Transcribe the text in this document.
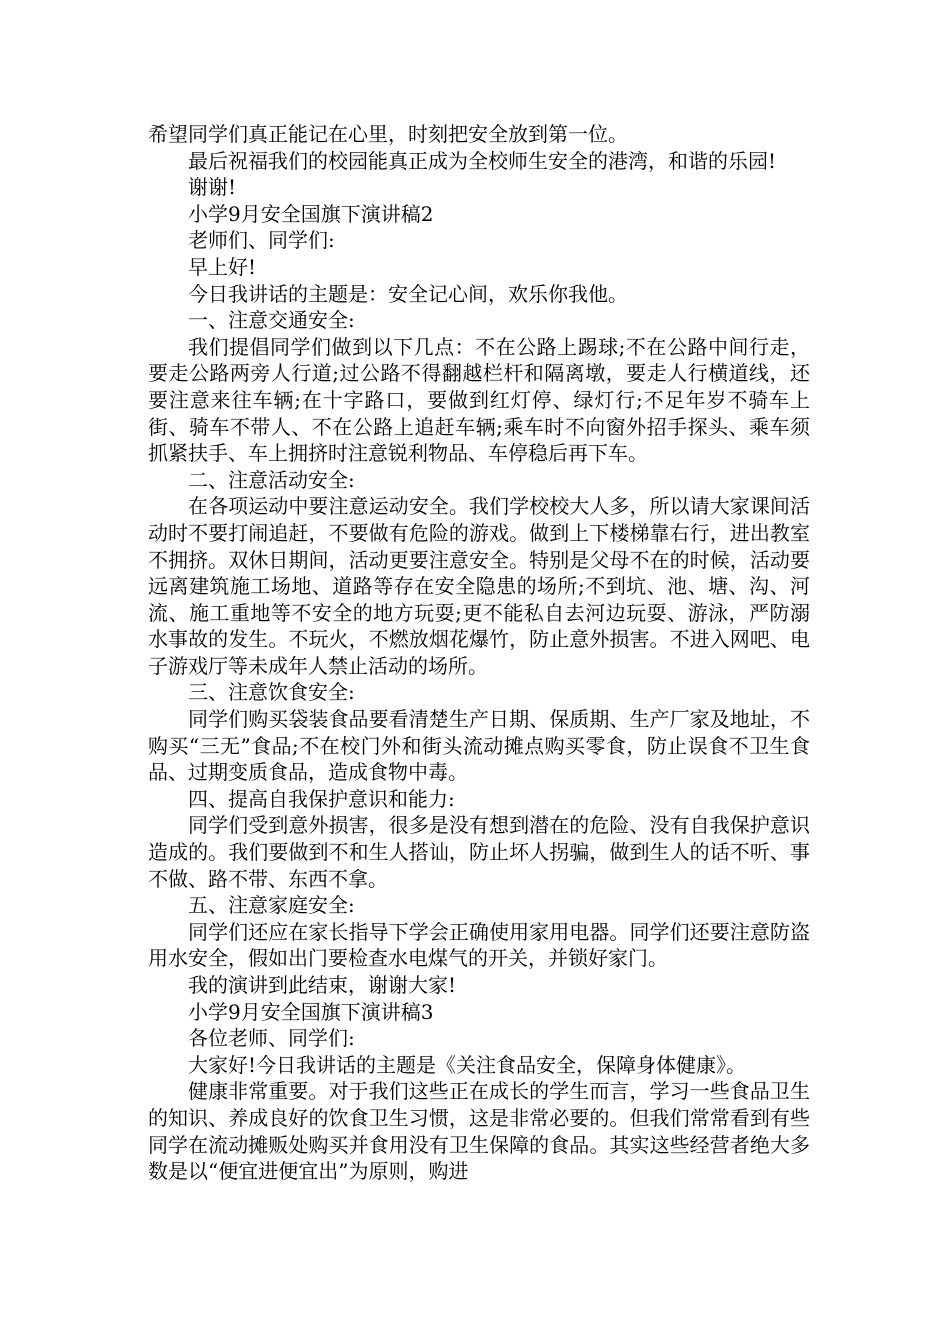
希望同学们真正能记在心里，时刻把安全放到第一位。

最后祝福我们的校园能真正成为全校师生安全的港湾，和谐的乐园!

谢谢!

小学9月安全国旗下演讲稿2

老师们、同学们:

早上好!

今日我讲话的主题是：安全记心间，欢乐你我他。

一、注意交通安全:

我们提倡同学们做到以下几点：不在公路上踢球;不在公路中间行走，要走公路两旁人行道;过公路不得翻越栏杆和隔离墩，要走人行横道线，还要注意来往车辆;在十字路口，要做到红灯停、绿灯行;不足年岁不骑车上街、骑车不带人、不在公路上追赶车辆;乘车时不向窗外招手探头、乘车须抓紧扶手、车上拥挤时注意锐利物品、车停稳后再下车。

二、注意活动安全:

在各项运动中要注意运动安全。我们学校校大人多，所以请大家课间活动时不要打闹追赶，不要做有危险的游戏。做到上下楼梯靠右行，进出教室不拥挤。双休日期间，活动更要注意安全。特别是父母不在的时候，活动要远离建筑施工场地、道路等存在安全隐患的场所;不到坑、池、塘、沟、河流、施工重地等不安全的地方玩耍;更不能私自去河边玩耍、游泳，严防溺水事故的发生。不玩火，不燃放烟花爆竹，防止意外损害。不进入网吧、电子游戏厅等未成年人禁止活动的场所。

三、注意饮食安全:

同学们购买袋装食品要看清楚生产日期、保质期、生产厂家及地址，不购买“三无”食品;不在校门外和街头流动摊点购买零食，防止误食不卫生食品、过期变质食品，造成食物中毒。

四、提高自我保护意识和能力:

同学们受到意外损害，很多是没有想到潜在的危险、没有自我保护意识造成的。我们要做到不和生人搭讪，防止坏人拐骗，做到生人的话不听、事不做、路不带、东西不拿。

五、注意家庭安全:

同学们还应在家长指导下学会正确使用家用电器。同学们还要注意防盗用水安全，假如出门要检查水电煤气的开关，并锁好家门。

我的演讲到此结束，谢谢大家!

小学9月安全国旗下演讲稿3

各位老师、同学们:

大家好!今日我讲话的主题是《关注食品安全，保障身体健康》。

健康非常重要。对于我们这些正在成长的学生而言，学习一些食品卫生的知识、养成良好的饮食卫生习惯，这是非常必要的。但我们常常看到有些同学在流动摊贩处购买并食用没有卫生保障的食品。其实这些经营者绝大多数是以“便宜进便宜出”为原则，购进
